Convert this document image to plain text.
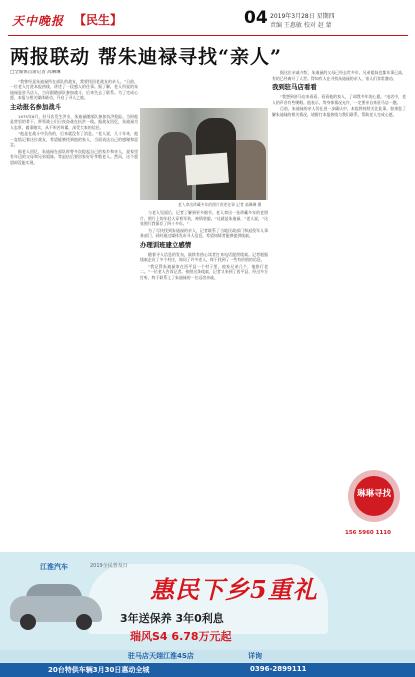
天中晚报 【民生】	04 2019年3月28日 星期四
责编 王惠敏 校对 赵 蒙
两报联动 帮朱迪禄寻找“亲人”
□全媒体首席记者 高琳琳

“我曾经是朱迪禄所在部队的战友，我要找回老战友的亲人。”日前，一位老人打进本报热线，讲述了一段感人的往事。据了解，老人所说的朱迪禄是驻马店人，当年跟随部队参加战斗，后来失去了联系。为了完成心愿，本报与相关媒体联动，开启了寻人之旅。

主动报名参加战斗

1975年8月，驻马店发生洪水，朱迪禄随部队参加抗洪抢险。当时他是营里的骨干，带领战士们日夜奋战在抗洪一线。据战友回忆，朱迪禄为人忠厚，做事踏实，从不叫苦叫累，深受大家的信任。

“他是在战斗中负伤的，后来就没有了消息。”老人说，几十年来，他一直惦记着这位战友，希望能够找到他的家人，当面表达自己的感谢和思念。

据老人回忆，朱迪禄在部队时曾多次提起自己的家乡和亲人，说家里有年迈的父母和兄弟姐妹，等退伍后要回家好好孝敬老人。然而，这个愿望却没能实现。

老人拿出珍藏多年的照片讲述往事 记者 高琳琳 摄

与老人见面后，记者了解到更多细节。老人拿出一张珍藏多年的老照片，照片上的年轻人穿着军装，神情坚毅。“这就是朱迪禄，”老人说，“这张照片我保存了四十多年。”

为了尽快找到朱迪禄的亲人，记者联系了当地民政部门和退役军人事务部门，同时通过媒体发布寻人信息，希望知情者能够提供线索。

办理训班建立感情

随着寻人信息的发布，陆续有热心读者打来电话提供线索。记者根据线索走访了多个村庄，询问了许多老人，终于找到了一些有价值的信息。

“我记得朱迪禄家在西平县一个村子里，他家兄弟几个，他排行老二。”一位老人告诉记者。按照这条线索，记者又来到了西平县，经过多方打听，终于联系上了朱迪禄的一位远房亲戚。

据这位亲戚介绍，朱迪禄的父母已经去世多年，兄弟姐妹也都年事已高，有的已经离开了人世。得知有人在寻找朱迪禄的亲人，家人们非常激动。

我到驻马店看看

“我想到驻马店来看看，看看他的家人，了却我多年的心愿。”电话中，老人的声音有些哽咽。他表示，等身体情况允许，一定要亲自来驻马店一趟。

目前，朱迪禄的亲人仍在进一步确认中，本报将持续关注此事。如果您了解朱迪禄的相关情况，请拨打本报热线与我们联系，帮助老人完成心愿。

琳琳寻找
156 5960 1110
江淮汽车	2019全民普及日
惠民下乡5重礼
3年送保养 3年0利息
瑞风S4 6.78万元起
驻马店天翊江淮4S店	详询
20台特供车辆3月30日惠动全城	0396-2899111
